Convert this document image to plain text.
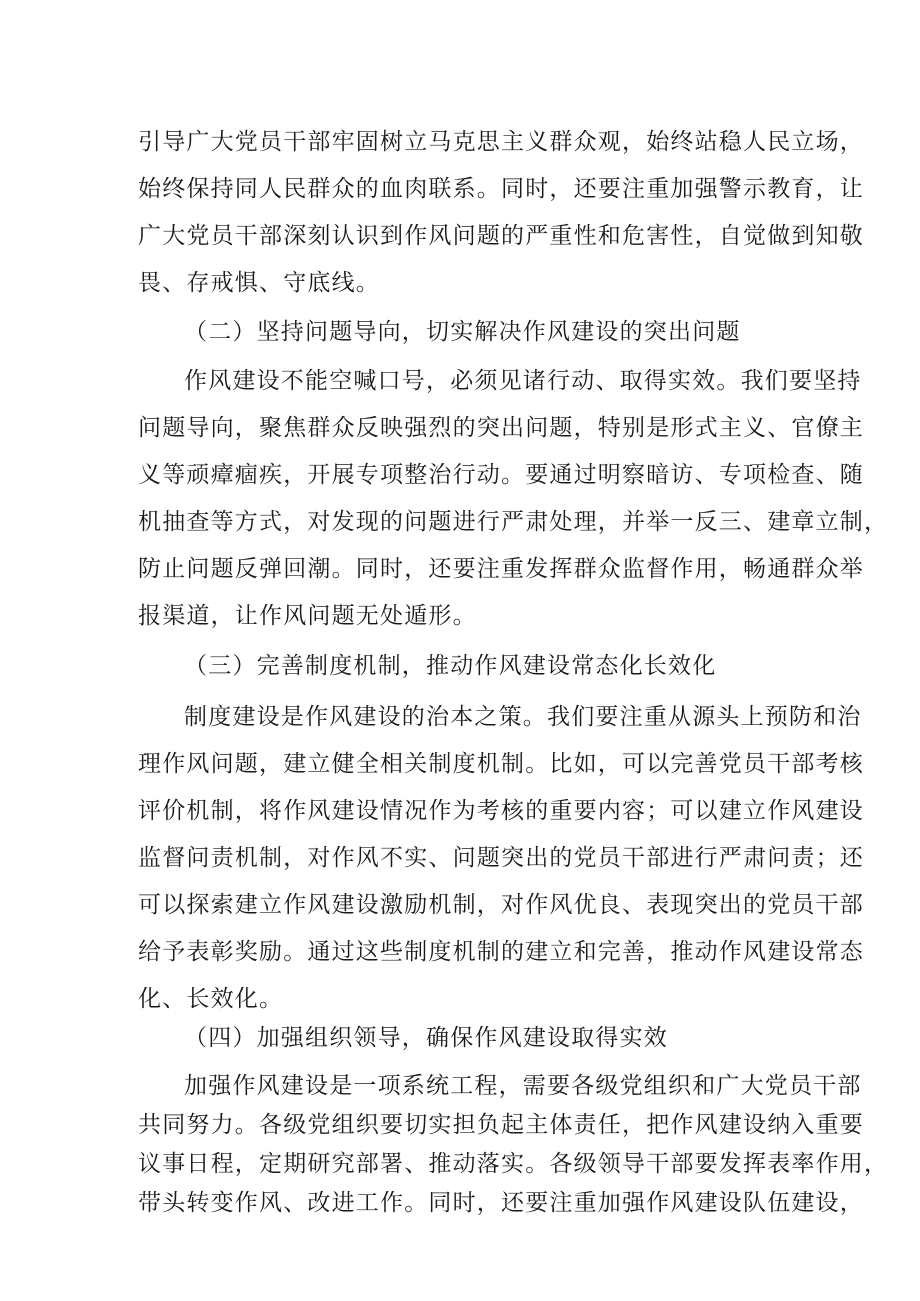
引导广大党员干部牢固树立马克思主义群众观，始终站稳人民立场，
始终保持同人民群众的血肉联系。同时，还要注重加强警示教育，让
广大党员干部深刻认识到作风问题的严重性和危害性，自觉做到知敬
畏、存戒惧、守底线。
（二）坚持问题导向，切实解决作风建设的突出问题
作风建设不能空喊口号，必须见诸行动、取得实效。我们要坚持
问题导向，聚焦群众反映强烈的突出问题，特别是形式主义、官僚主
义等顽瘴痼疾，开展专项整治行动。要通过明察暗访、专项检查、随
机抽查等方式，对发现的问题进行严肃处理，并举一反三、建章立制，
防止问题反弹回潮。同时，还要注重发挥群众监督作用，畅通群众举
报渠道，让作风问题无处遁形。
（三）完善制度机制，推动作风建设常态化长效化
制度建设是作风建设的治本之策。我们要注重从源头上预防和治
理作风问题，建立健全相关制度机制。比如，可以完善党员干部考核
评价机制，将作风建设情况作为考核的重要内容；可以建立作风建设
监督问责机制，对作风不实、问题突出的党员干部进行严肃问责；还
可以探索建立作风建设激励机制，对作风优良、表现突出的党员干部
给予表彰奖励。通过这些制度机制的建立和完善，推动作风建设常态
化、长效化。
（四）加强组织领导，确保作风建设取得实效
加强作风建设是一项系统工程，需要各级党组织和广大党员干部
共同努力。各级党组织要切实担负起主体责任，把作风建设纳入重要
议事日程，定期研究部署、推动落实。各级领导干部要发挥表率作用，
带头转变作风、改进工作。同时，还要注重加强作风建设队伍建设，
